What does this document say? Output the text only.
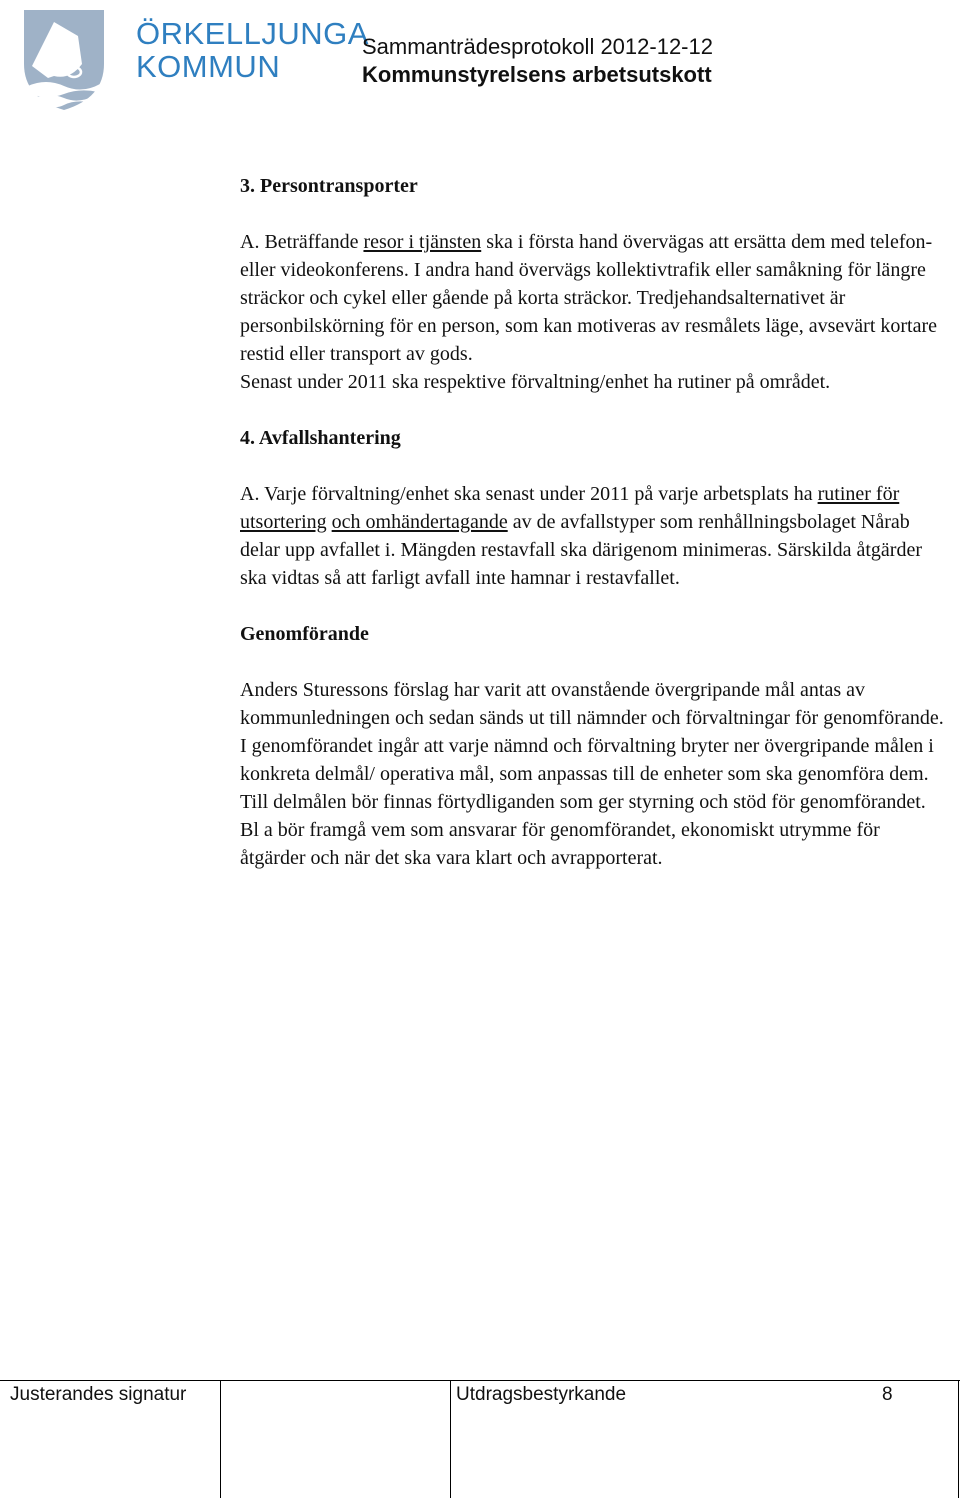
ÖRKELLJUNGA
KOMMUN
Sammanträdesprotokoll 2012-12-12
Kommunstyrelsens arbetsutskott

3. Persontransporter

A. Beträffande resor i tjänsten ska i första hand övervägas att ersätta dem med telefon- eller videokonferens. I andra hand övervägs kollektivtrafik eller samåkning för längre sträckor och cykel eller gående på korta sträckor. Tredjehandsalternativet är personbilskörning för en person, som kan motiveras av resmålets läge, avsevärt kortare restid eller transport av gods.

Senast under 2011 ska respektive förvaltning/enhet ha rutiner på området.

4. Avfallshantering

A. Varje förvaltning/enhet ska senast under 2011 på varje arbetsplats ha rutiner för utsortering och omhändertagande av de avfallstyper som renhållningsbolaget Nårab delar upp avfallet i. Mängden restavfall ska därigenom minimeras. Särskilda åtgärder ska vidtas så att farligt avfall inte hamnar i restavfallet.

Genomförande

Anders Sturessons förslag har varit att ovanstående övergripande mål antas av kommunledningen och sedan sänds ut till nämnder och förvaltningar för genomförande. I genomförandet ingår att varje nämnd och förvaltning bryter ner övergripande målen i konkreta delmål/ operativa mål, som anpassas till de enheter som ska genomföra dem. Till delmålen bör finnas förtydliganden som ger styrning och stöd för genomförandet. Bl a bör framgå vem som ansvarar för genomförandet, ekonomiskt utrymme för åtgärder och när det ska vara klart och avrapporterat.

Justerandes signatur	Utdragsbestyrkande	8
